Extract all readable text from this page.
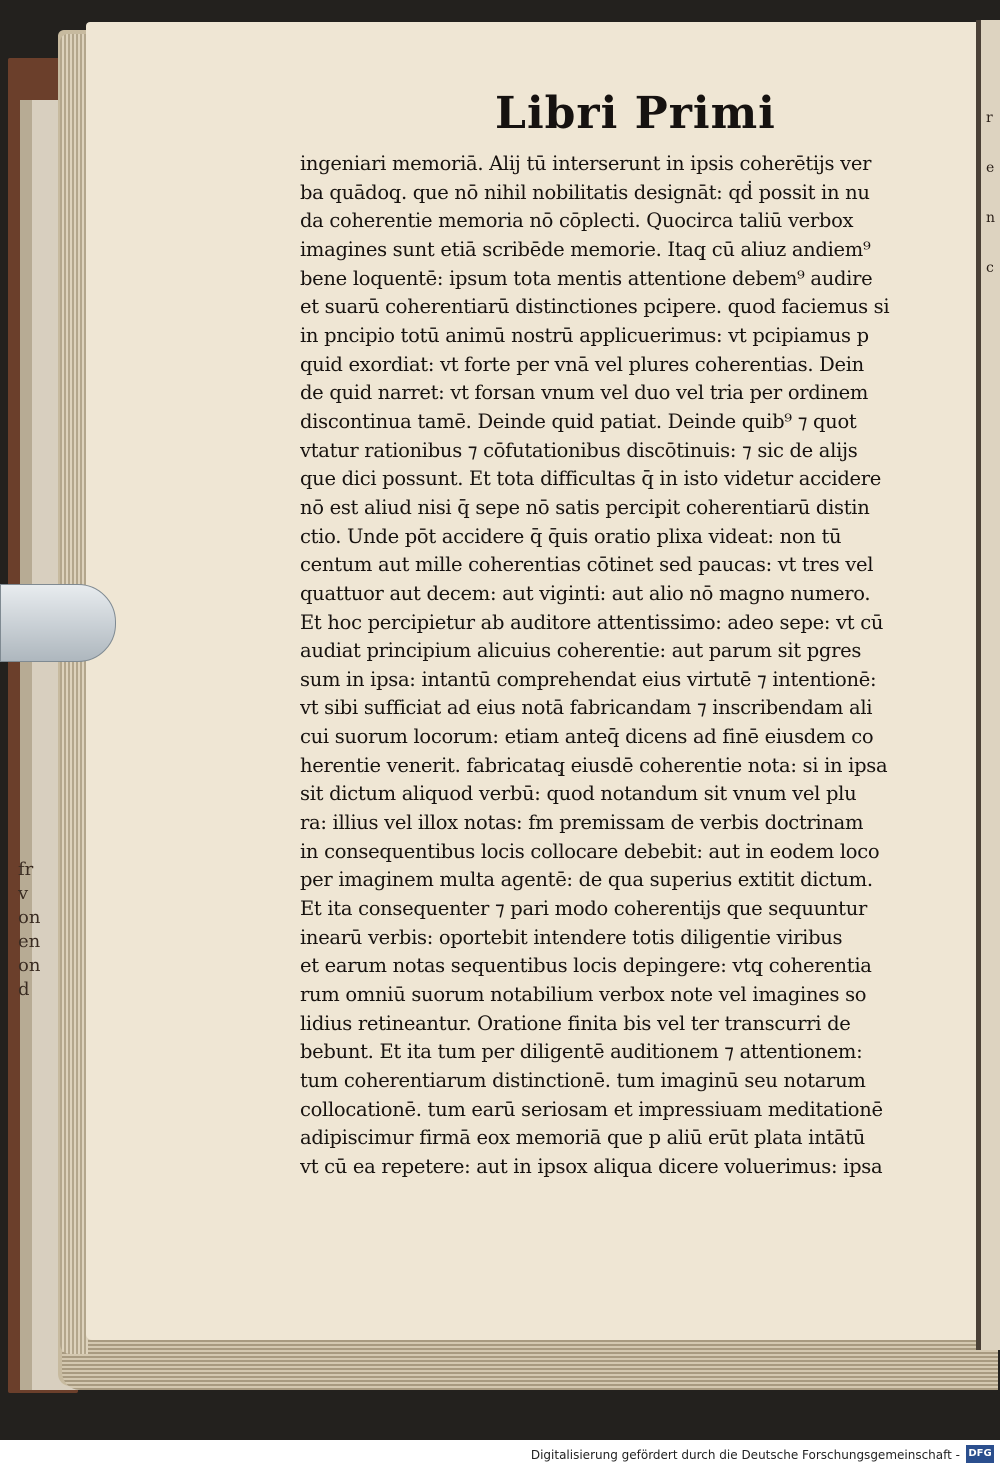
fr
v
on
en
on
d
r
e
n
c
Libri Primi
ingeniari memoriā. Alij tū interserunt in ipsis coherētijs ver
ba quādoq̧. que nō nihil nobilitatis designāt: qḋ possit in nu
da coherentie memoria nō cōplecti. Quocirca taliū verbox
imagines sunt etiā scribēde memorie. Itaq̧ cū aliuz andiem⁹
bene loquentē: ipsum tota mentis attentione debem⁹ audire
et suarū coherentiarū distinctiones pcipere. quod faciemus si
in pncipio totū animū nostrū applicuerimus: vt pcipiamus p
quid exordiat: vt forte per vnā vel plures coherentias. Dein
de quid narret: vt forsan vnum vel duo vel tria per ordinem
discontinua tamē. Deinde quid patiat. Deinde quib⁹ ⁊ quot
vtatur rationibus ⁊ cōfutationibus discōtinuis: ⁊ sic de alijs
que dici possunt. Et tota difficultas q̄ in isto videtur accidere
nō est aliud nisi q̄ sepe nō satis percipit coherentiarū distin
ctio. Unde pōt accidere q̄ q̄uis oratio plixa videat: non tū
centum aut mille coherentias cōtinet sed paucas: vt tres vel
quattuor aut decem: aut viginti: aut alio nō magno numero.
Et hoc percipietur ab auditore attentissimo: adeo sepe: vt cū
audiat principium alicuius coherentie: aut parum sit pgres
sum in ipsa: intantū comprehendat eius virtutē ⁊ intentionē:
vt sibi sufficiat ad eius notā fabricandam ⁊ inscribendam ali
cui suorum locorum: etiam anteq̄ dicens ad finē eiusdem co
herentie venerit. fabricataq̧ eiusdē coherentie nota: si in ipsa
sit dictum aliquod verbū: quod notandum sit vnum vel plu
ra: illius vel illox notas: fm premissam de verbis doctrinam
in consequentibus locis collocare debebit: aut in eodem loco
per imaginem multa agentē: de qua superius extitit dictum.
Et ita consequenter ⁊ pari modo coherentijs que sequuntur
inearū verbis: oportebit intendere totis diligentie viribus
et earum notas sequentibus locis depingere: vtq̧ coherentia
rum omniū suorum notabilium verbox note vel imagines so
lidius retineantur. Oratione finita bis vel ter transcurri de
bebunt. Et ita tum per diligentē auditionem ⁊ attentionem:
tum coherentiarum distinctionē. tum imaginū seu notarum
collocationē. tum earū seriosam et impressiuam meditationē
adipiscimur firmā eox memoriā que p aliū erūt plata intātū
vt cū ea repetere: aut in ipsox aliqua dicere voluerimus: ipsa
Digitalisierung gefördert durch die Deutsche Forschungsgemeinschaft - DFG
